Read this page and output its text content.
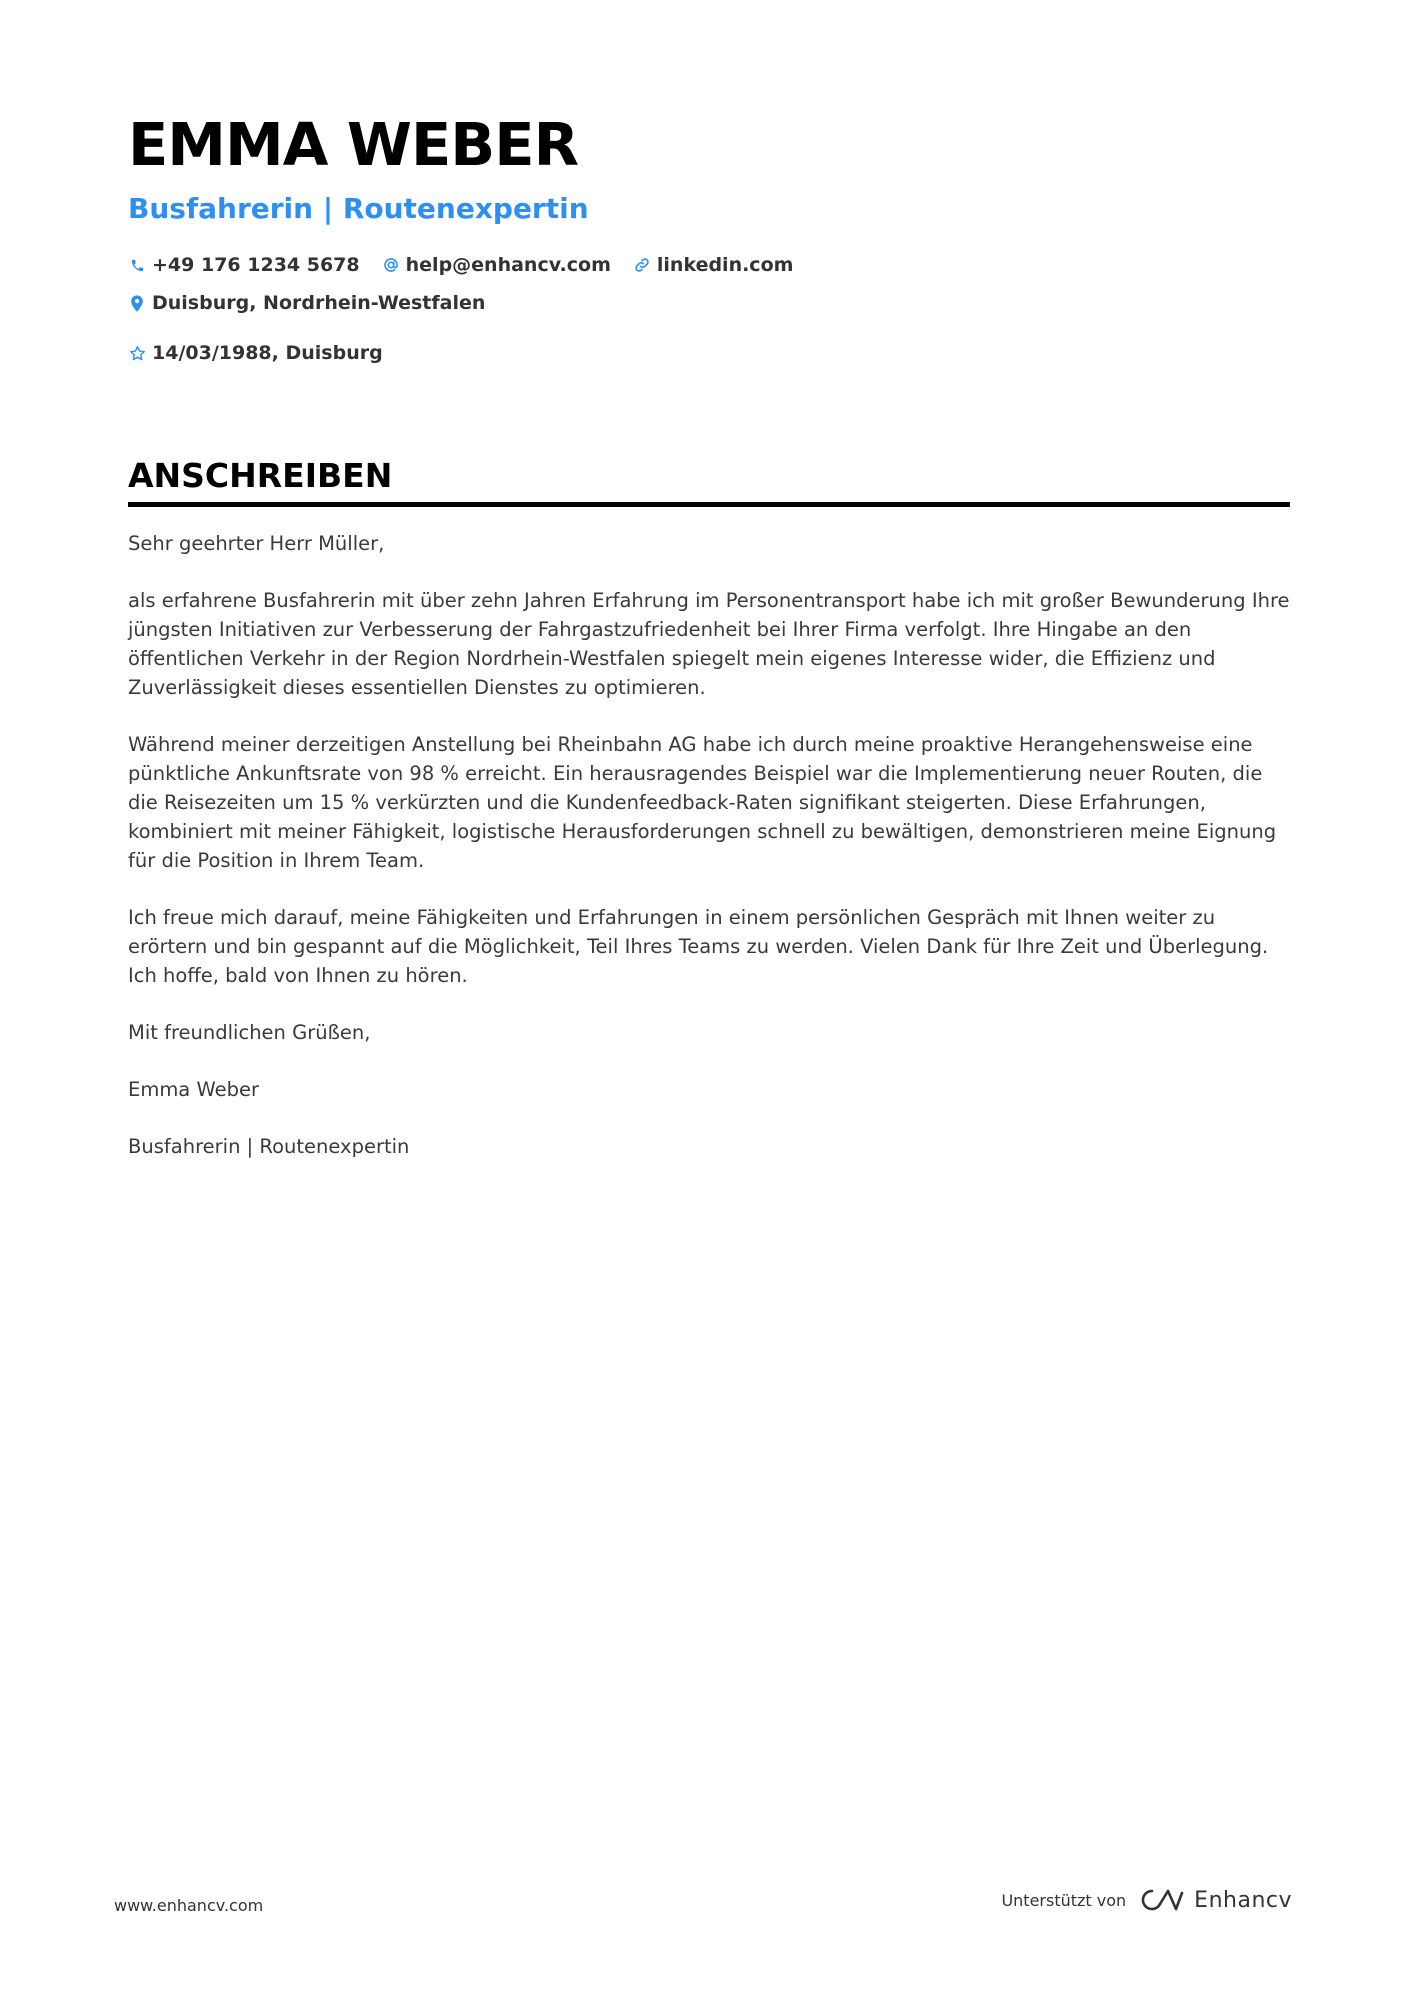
EMMA WEBER
Busfahrerin | Routenexpertin
+49 176 1234 5678 help@enhancv.com linkedin.com
Duisburg, Nordrhein-Westfalen
14/03/1988, Duisburg
ANSCHREIBEN

Sehr geehrter Herr Müller,

als erfahrene Busfahrerin mit über zehn Jahren Erfahrung im Personentransport habe ich mit großer Bewunderung Ihre jüngsten Initiativen zur Verbesserung der Fahrgastzufriedenheit bei Ihrer Firma verfolgt. Ihre Hingabe an den öffentlichen Verkehr in der Region Nordrhein-Westfalen spiegelt mein eigenes Interesse wider, die Effizienz und Zuverlässigkeit dieses essentiellen Dienstes zu optimieren.

Während meiner derzeitigen Anstellung bei Rheinbahn AG habe ich durch meine proaktive Herangehensweise eine pünktliche Ankunftsrate von 98 % erreicht. Ein herausragendes Beispiel war die Implementierung neuer Routen, die die Reisezeiten um 15 % verkürzten und die Kundenfeedback-Raten signifikant steigerten. Diese Erfahrungen, kombiniert mit meiner Fähigkeit, logistische Herausforderungen schnell zu bewältigen, demonstrieren meine Eignung für die Position in Ihrem Team.

Ich freue mich darauf, meine Fähigkeiten und Erfahrungen in einem persönlichen Gespräch mit Ihnen weiter zu erörtern und bin gespannt auf die Möglichkeit, Teil Ihres Teams zu werden. Vielen Dank für Ihre Zeit und Überlegung. Ich hoffe, bald von Ihnen zu hören.

Mit freundlichen Grüßen,

Emma Weber

Busfahrerin | Routenexpertin

www.enhancv.com	Unterstützt von	Enhancv
